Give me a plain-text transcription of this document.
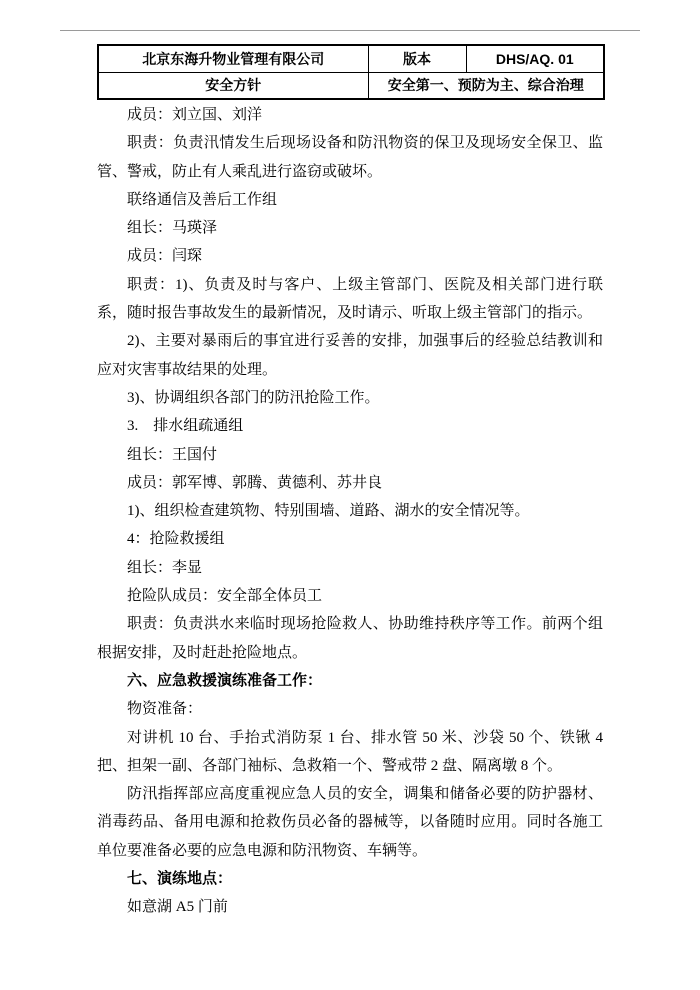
北京东海升物业管理有限公司	版本	DHS/AQ. 01
安全方针	安全第一、预防为主、综合治理	

成员：刘立国、刘洋

职责：负责汛情发生后现场设备和防汛物资的保卫及现场安全保卫、监管、警戒，防止有人乘乱进行盗窃或破坏。

联络通信及善后工作组

组长：马瑛泽

成员：闫琛

职责：1)、负责及时与客户、上级主管部门、医院及相关部门进行联系，随时报告事故发生的最新情况，及时请示、听取上级主管部门的指示。

2)、主要对暴雨后的事宜进行妥善的安排，加强事后的经验总结教训和应对灾害事故结果的处理。

3)、协调组织各部门的防汛抢险工作。

3.　排水组疏通组

组长：王国付

成员：郭军博、郭腾、黄德利、苏井良

1)、组织检查建筑物、特别围墙、道路、湖水的安全情况等。

4：抢险救援组

组长：李显

抢险队成员：安全部全体员工

职责：负责洪水来临时现场抢险救人、协助维持秩序等工作。前两个组根据安排，及时赶赴抢险地点。

六、应急救援演练准备工作：

物资准备：

对讲机 10 台、手抬式消防泵 1 台、排水管 50 米、沙袋 50 个、铁锹 4 把、担架一副、各部门袖标、急救箱一个、警戒带 2 盘、隔离墩 8 个。

防汛指挥部应高度重视应急人员的安全，调集和储备必要的防护器材、消毒药品、备用电源和抢救伤员必备的器械等，以备随时应用。同时各施工单位要准备必要的应急电源和防汛物资、车辆等。

七、演练地点：

如意湖 A5 门前
